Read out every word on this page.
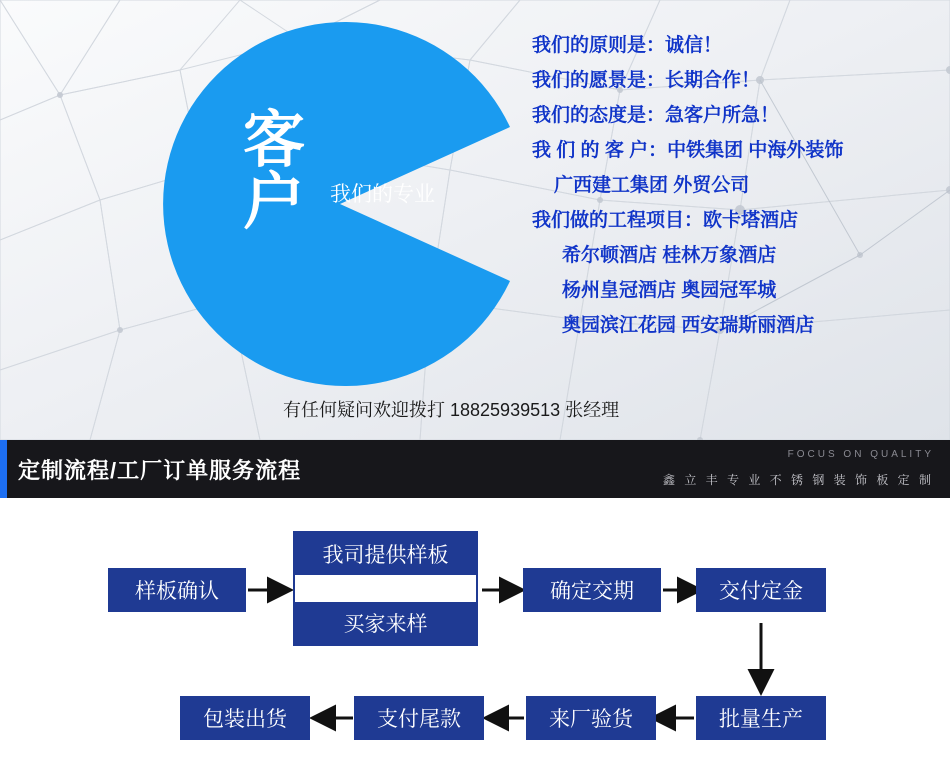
客户	我们的专业
我们的原则是：诚信！
我们的愿景是：长期合作！
我们的态度是：急客户所急！
我 们 的 客 户：中铁集团 中海外装饰
广西建工集团 外贸公司
我们做的工程项目：欧卡塔酒店
希尔顿酒店 桂林万象酒店
杨州皇冠酒店 奥园冠军城
奥园滨江花园 西安瑞斯丽酒店
有任何疑问欢迎拨打 18825939513 张经理
定制流程/工厂订单服务流程
FOCUS ON QUALITY
鑫 立 丰 专 业 不 锈 钢 装 饰 板 定 制
样板确认
我司提供样板
买家来样
确定交期	交付定金
批量生产
来厂验货
支付尾款
包装出货
